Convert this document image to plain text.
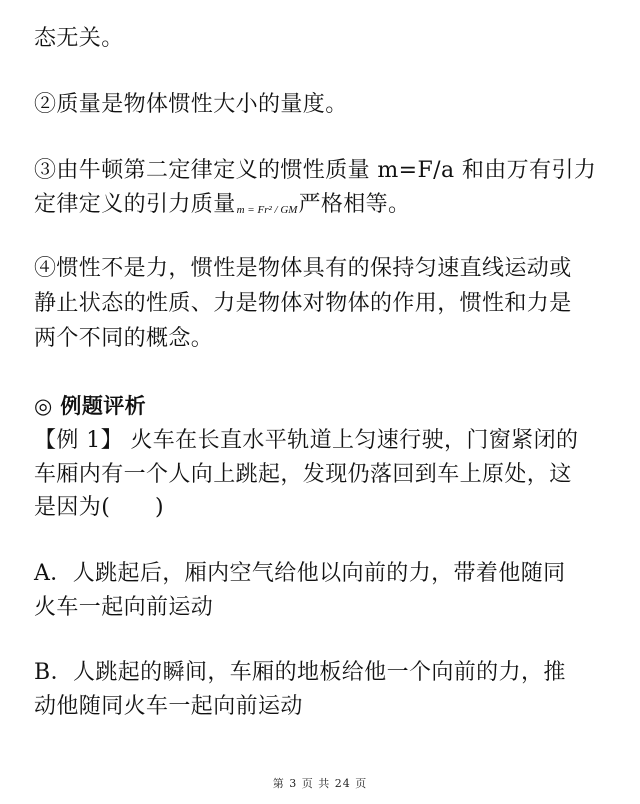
态无关。
②质量是物体惯性大小的量度。
③由牛顿第二定律定义的惯性质量 m=F/a 和由万有引力
定律定义的引力质量m = Fr² / GM严格相等。
④惯性不是力，惯性是物体具有的保持匀速直线运动或
静止状态的性质、力是物体对物体的作用，惯性和力是
两个不同的概念。
◎ 例题评析
【例 1】 火车在长直水平轨道上匀速行驶，门窗紧闭的
车厢内有一个人向上跳起，发现仍落回到车上原处，这
是因为(　　)
A．人跳起后，厢内空气给他以向前的力，带着他随同
火车一起向前运动
B．人跳起的瞬间，车厢的地板给他一个向前的力，推
动他随同火车一起向前运动
第 3 页 共 24 页
